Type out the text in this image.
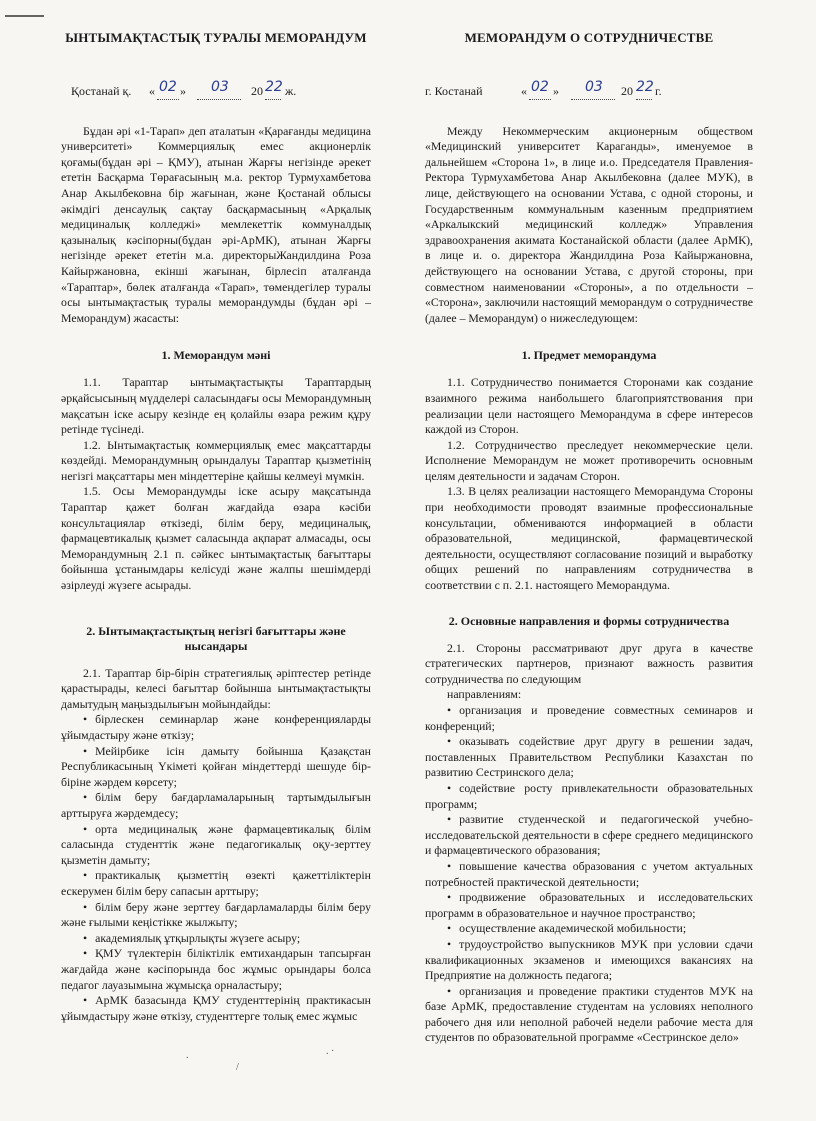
ЫНТЫМАҚТАСТЫҚ ТУРАЛЫ МЕМОРАНДУМ
Қостанай қ. « 02 » 03 20 22 ж.

Бұдан әрі «1-Тарап» деп аталатын «Қарағанды медицина университеті» Коммерциялық емес акционерлік қоғамы(бұдан әрі – ҚМУ), атынан Жарғы негізінде әрекет ететін Басқарма Төрағасының м.а. ректор Турмухамбетова Анар Акылбековна бір жағынан, және Қостанай облысы әкімдігі денсаулық сақтау басқармасының «Арқалық медициналық колледжі» мемлекеттік коммуналдық қазыналық кәсіпорны(бұдан әрі-АрМК), атынан Жарғы негізінде әрекет ететін м.а. директорыЖандилдина Роза Кайыржановна, екінші жағынан, бірлесіп аталғанда «Тараптар», бөлек аталғанда «Тарап», төмендегілер туралы осы ынтымақтастық туралы меморандумды (бұдан әрі – Меморандум) жасасты:

1. Меморандум мәні

1.1. Тараптар ынтымақтастықты Тараптардың әрқайсысының мүдделері саласындағы осы Меморандумның мақсатын іске асыру кезінде ең қолайлы өзара режим құру ретінде түсінеді.

1.2. Ынтымақтастық коммерциялық емес мақсаттарды көздейді. Меморандумның орындалуы Тараптар қызметінің негізгі мақсаттары мен міндеттеріне қайшы келмеуі мүмкін.

1.5. Осы Меморандумды іске асыру мақсатында Тараптар қажет болған жағдайда өзара кәсіби консультациялар өткізеді, білім беру, медициналық, фармацевтикалық қызмет саласында ақпарат алмасады, осы Меморандумның 2.1 п. сәйкес ынтымақтастық бағыттары бойынша ұстанымдары келісуді және жалпы шешімдерді әзірлеуді жүзеге асырады.

2. Ынтымақтастықтың негізгі бағыттары және нысандары

2.1. Тараптар бір-бірін стратегиялық әріптестер ретінде қарастырады, келесі бағыттар бойынша ынтымақтастықты дамытудың маңыздылығын мойындайды:

• бірлескен семинарлар және конференцияларды ұйымдастыру және өткізу;

• Мейірбике ісін дамыту бойынша Қазақстан Республикасының Үкіметі қойған міндеттерді шешуде бір-біріне жәрдем көрсету;

• білім беру бағдарламаларының тартымдылығын арттыруға жәрдемдесу;

• орта медициналық және фармацевтикалық білім саласында студенттік және педагогикалық оқу-зерттеу қызметін дамыту;

• практикалық қызметтің өзекті қажеттіліктерін ескерумен білім беру сапасын арттыру;

• білім беру және зерттеу бағдарламаларды білім беру және ғылыми кеңістікке жылжыту;

• академиялық ұтқырлықты жүзеге асыру;

• ҚМУ түлектерін біліктілік емтихандарын тапсырған жағдайда және кәсіпорында бос жұмыс орындары болса педагог лауазымына жұмысқа орналастыру;

• АрМК базасында ҚМУ студенттерінің практикасын ұйымдастыру және өткізу, студенттерге толық емес жұмыс

МЕМОРАНДУМ О СОТРУДНИЧЕСТВЕ
г. Костанай	« 02 » 03 20 22 г.

Между Некоммерческим акционерным обществом «Медицинский университет Караганды», именуемое в дальнейшем «Сторона 1», в лице и.о. Председателя Правления-Ректора Турмухамбетова Анар Акылбековна (далее МУК), в лице, действующего на основании Устава, с одной стороны, и Государственным коммунальным казенным предприятием «Аркалыкский медицинский колледж» Управления здравоохранения акимата Костанайской области (далее АрМК), в лице и. о. директора Жандилдина Роза Кайыржановна, действующего на основании Устава, с другой стороны, при совместном наименовании «Стороны», а по отдельности – «Сторона», заключили настоящий меморандум о сотрудничестве (далее – Меморандум) о нижеследующем:

1. Предмет меморандума

1.1. Сотрудничество понимается Сторонами как создание взаимного режима наибольшего благоприятствования при реализации цели настоящего Меморандума в сфере интересов каждой из Сторон.

1.2. Сотрудничество преследует некоммерческие цели. Исполнение Меморандум не может противоречить основным целям деятельности и задачам Сторон.

1.3. В целях реализации настоящего Меморандума Стороны при необходимости проводят взаимные профессиональные консультации, обмениваются информацией в области образовательной, медицинской, фармацевтической деятельности, осуществляют согласование позиций и выработку общих решений по направлениям сотрудничества в соответствии с п. 2.1. настоящего Меморандума.

2. Основные направления и формы сотрудничества

2.1. Стороны рассматривают друг друга в качестве стратегических партнеров, признают важность развития сотрудничества по следующим

направлениям:

• организация и проведение совместных семинаров и конференций;

• оказывать содействие друг другу в решении задач, поставленных Правительством Республики Казахстан по развитию Сестринского дела;

• содействие росту привлекательности образовательных программ;

• развитие студенческой и педагогической учебно-исследовательской деятельности в сфере среднего медицинского и фармацевтического образования;

• повышение качества образования с учетом актуальных потребностей практической деятельности;

• продвижение образовательных и исследовательских программ в образовательное и научное пространство;

• осуществление академической мобильности;

• трудоустройство выпускников МУК при условии сдачи квалификационных экзаменов и имеющихся вакансиях на Предприятие на должность педагога;

• организация и проведение практики студентов МУК на базе АрМК, предоставление студентам на условиях неполного рабочего дня или неполной рабочей недели рабочие места для студентов по образовательной программе «Сестринское дело»

.
/
. ·
